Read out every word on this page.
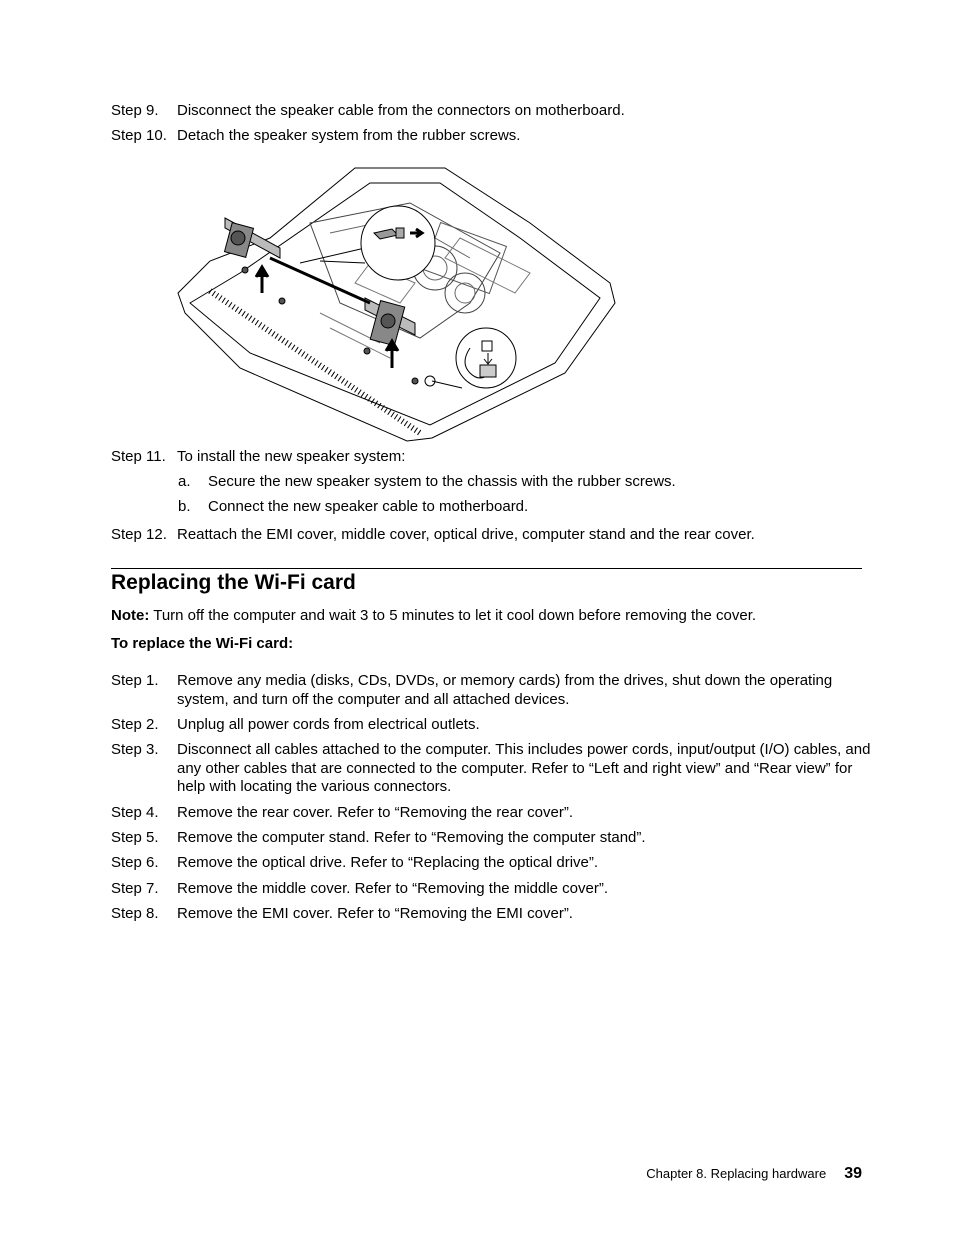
Step 9. Disconnect the speaker cable from the connectors on motherboard.
Step 10. Detach the speaker system from the rubber screws.
Step 11. To install the new speaker system:
a. Secure the new speaker system to the chassis with the rubber screws.
b. Connect the new speaker cable to motherboard.
Step 12. Reattach the EMI cover, middle cover, optical drive, computer stand and the rear cover.
Replacing the Wi-Fi card
Note: Turn off the computer and wait 3 to 5 minutes to let it cool down before removing the cover.
To replace the Wi-Fi card:
Step 1. Remove any media (disks, CDs, DVDs, or memory cards) from the drives, shut down the operating system, and turn off the computer and all attached devices.
Step 2. Unplug all power cords from electrical outlets.
Step 3. Disconnect all cables attached to the computer. This includes power cords, input/output (I/O) cables, and any other cables that are connected to the computer. Refer to “Left and right view” and “Rear view” for help with locating the various connectors.
Step 4. Remove the rear cover. Refer to “Removing the rear cover”.
Step 5. Remove the computer stand. Refer to “Removing the computer stand”.
Step 6. Remove the optical drive. Refer to “Replacing the optical drive”.
Step 7. Remove the middle cover. Refer to “Removing the middle cover”.
Step 8. Remove the EMI cover. Refer to “Removing the EMI cover”.
Chapter 8. Replacing hardware 39
